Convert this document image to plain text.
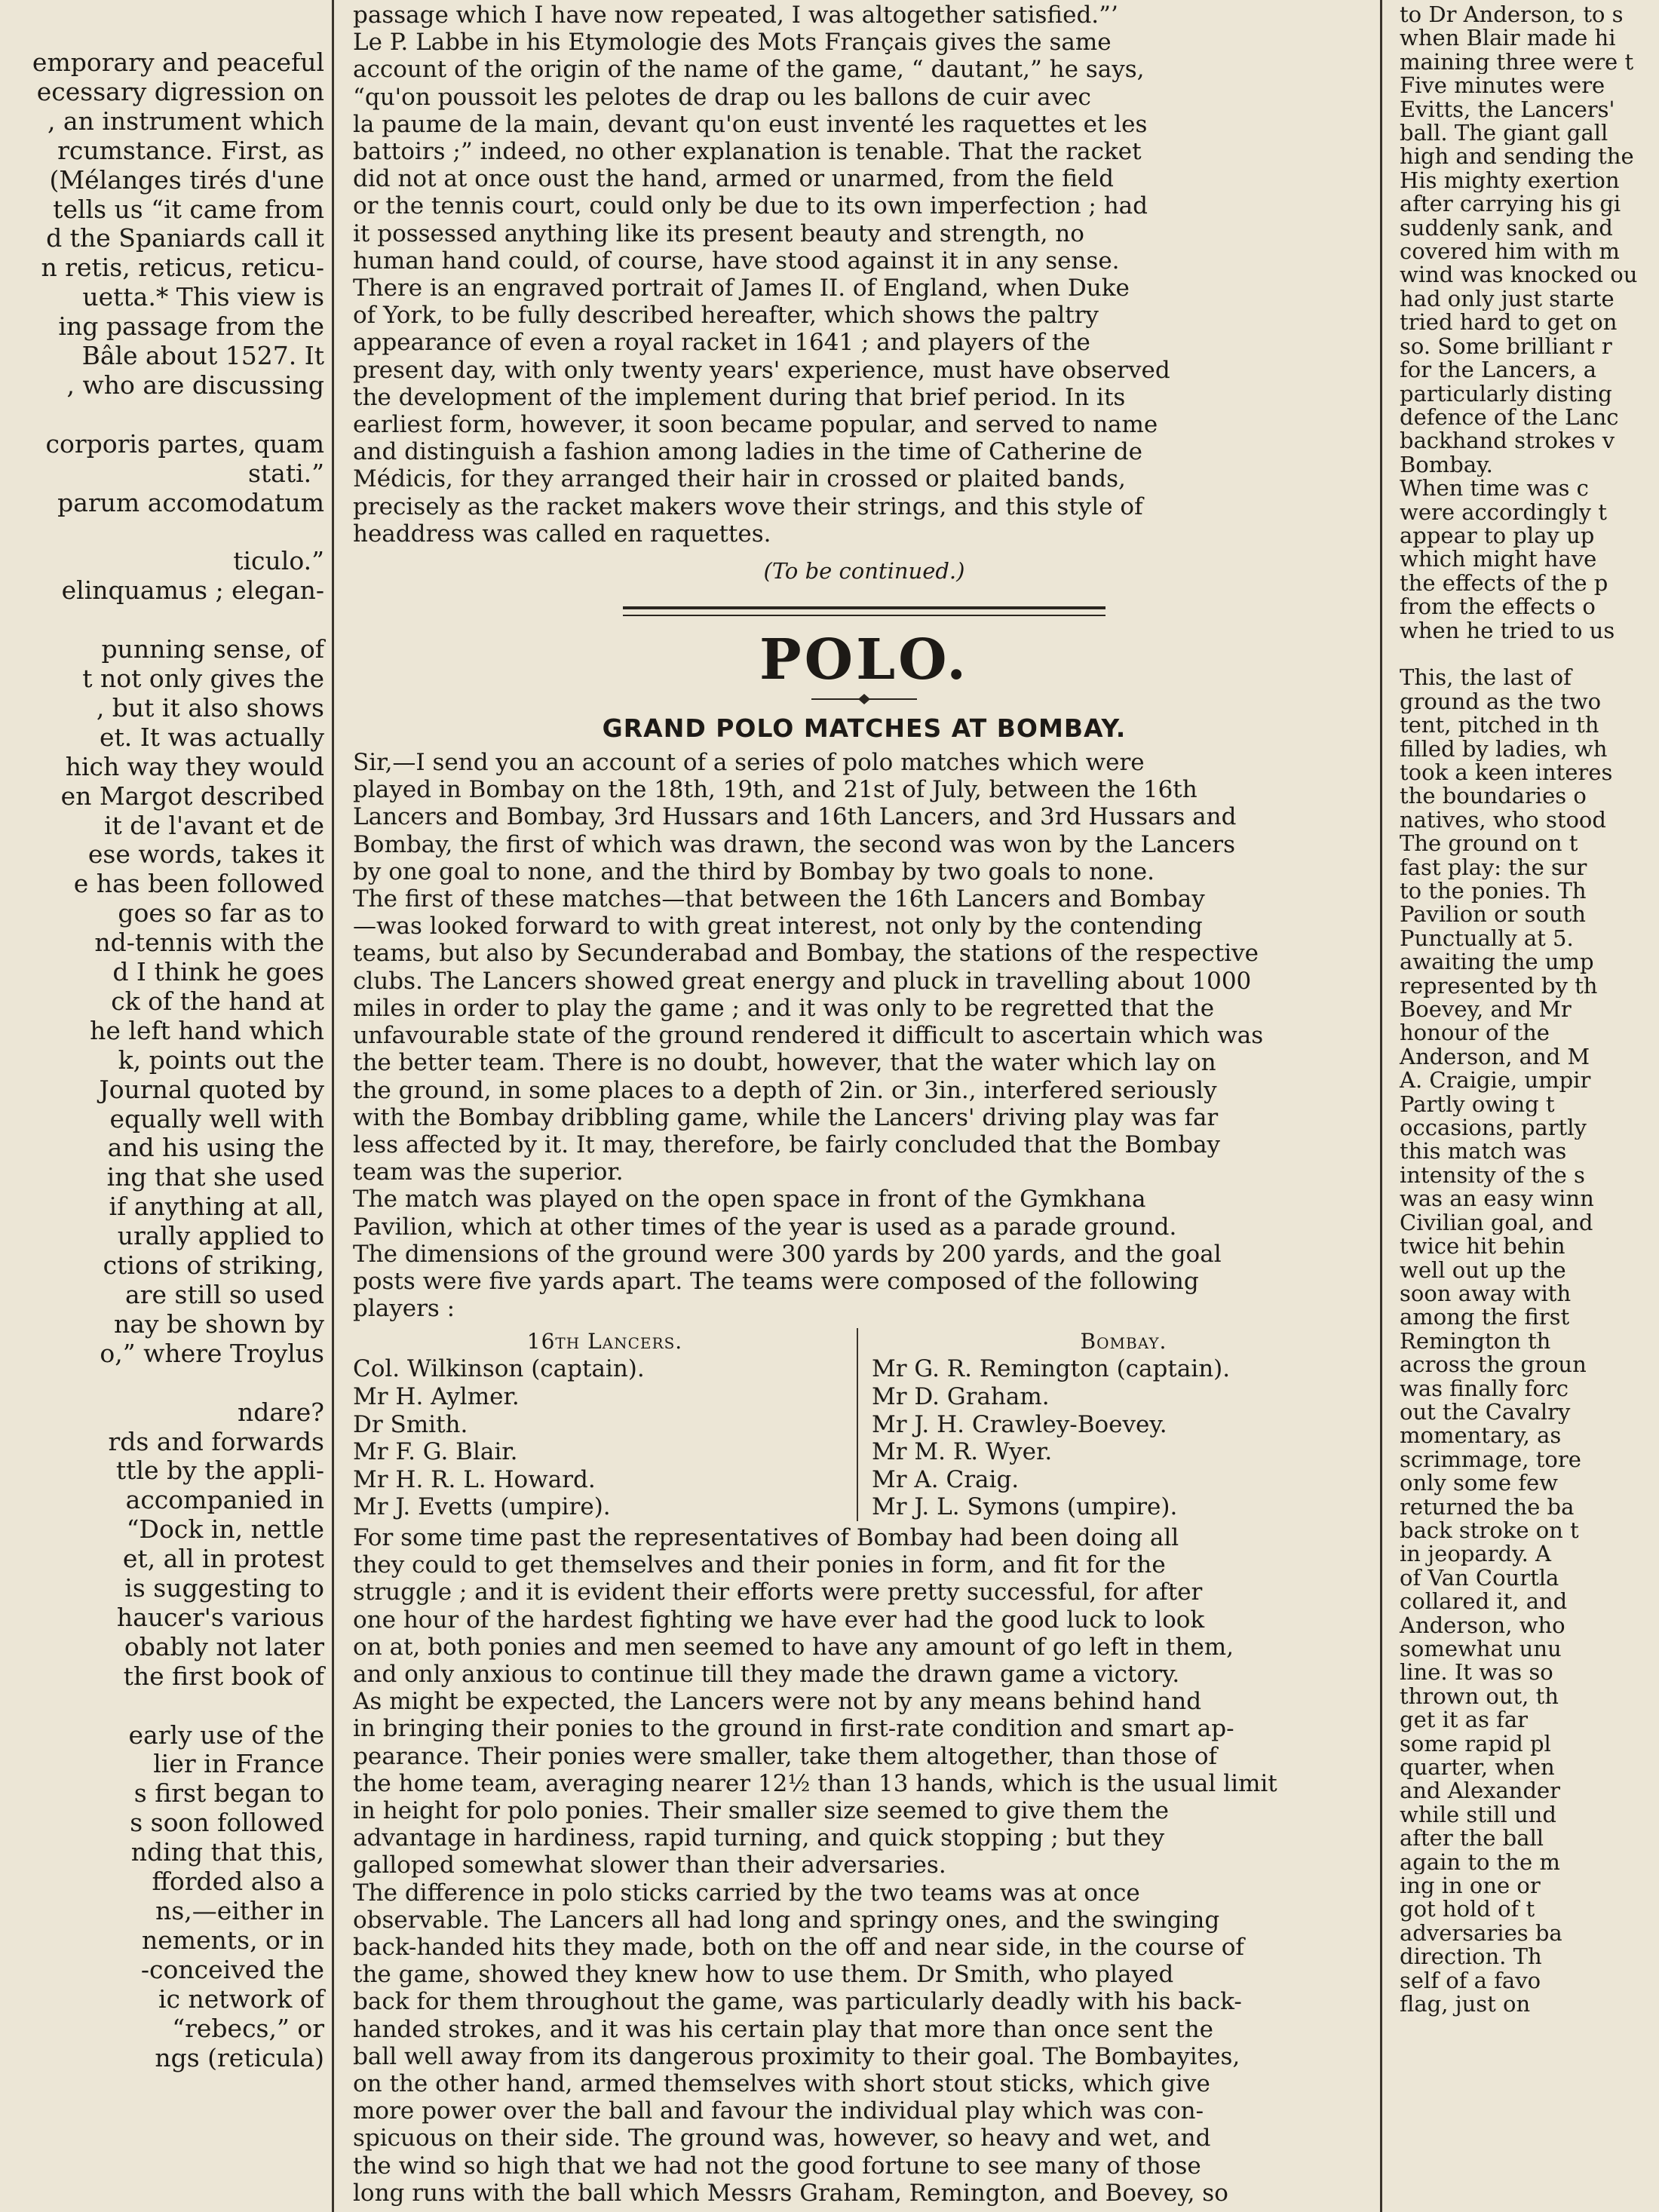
emporary and peaceful

ecessary digression on

, an instrument which

rcumstance. First, as

(Mélanges tirés d'une

tells us “it came from

d the Spaniards call it

n retis, reticus, reticu-

uetta.* This view is

ing passage from the

Bâle about 1527. It

, who are discussing

corporis partes, quam

stati.”

parum accomodatum

ticulo.”

elinquamus ; elegan-

punning sense, of

t not only gives the

, but it also shows

et. It was actually

hich way they would

en Margot described

it de l'avant et de

ese words, takes it

e has been followed

goes so far as to

nd-tennis with the

d I think he goes

ck of the hand at

he left hand which

k, points out the

Journal quoted by

equally well with

and his using the

ing that she used

if anything at all,

urally applied to

ctions of striking,

are still so used

nay be shown by

o,” where Troylus

ndare?

rds and forwards

ttle by the appli-

accompanied in

“Dock in, nettle

et, all in protest

is suggesting to

haucer's various

obably not later

the first book of

early use of the

lier in France

s first began to

s soon followed

nding that this,

fforded also a

ns,—either in

nements, or in

-conceived the

ic network of

“rebecs,” or

ngs (reticula)

passage which I have now repeated, I was altogether satisfied.”’

Le P. Labbe in his Etymologie des Mots Français gives the same

account of the origin of the name of the game, “ dautant,” he says,

“qu'on poussoit les pelotes de drap ou les ballons de cuir avec

la paume de la main, devant qu'on eust inventé les raquettes et les

battoirs ;” indeed, no other explanation is tenable. That the racket

did not at once oust the hand, armed or unarmed, from the field

or the tennis court, could only be due to its own imperfection ; had

it possessed anything like its present beauty and strength, no

human hand could, of course, have stood against it in any sense.

There is an engraved portrait of James II. of England, when Duke

of York, to be fully described hereafter, which shows the paltry

appearance of even a royal racket in 1641 ; and players of the

present day, with only twenty years' experience, must have observed

the development of the implement during that brief period. In its

earliest form, however, it soon became popular, and served to name

and distinguish a fashion among ladies in the time of Catherine de

Médicis, for they arranged their hair in crossed or plaited bands,

precisely as the racket makers wove their strings, and this style of

headdress was called en raquettes.

(To be continued.)
POLO.
GRAND POLO MATCHES AT BOMBAY.

Sir,—I send you an account of a series of polo matches which were

played in Bombay on the 18th, 19th, and 21st of July, between the 16th

Lancers and Bombay, 3rd Hussars and 16th Lancers, and 3rd Hussars and

Bombay, the first of which was drawn, the second was won by the Lancers

by one goal to none, and the third by Bombay by two goals to none.

The first of these matches—that between the 16th Lancers and Bombay

—was looked forward to with great interest, not only by the contending

teams, but also by Secunderabad and Bombay, the stations of the respective

clubs. The Lancers showed great energy and pluck in travelling about 1000

miles in order to play the game ; and it was only to be regretted that the

unfavourable state of the ground rendered it difficult to ascertain which was

the better team. There is no doubt, however, that the water which lay on

the ground, in some places to a depth of 2in. or 3in., interfered seriously

with the Bombay dribbling game, while the Lancers' driving play was far

less affected by it. It may, therefore, be fairly concluded that the Bombay

team was the superior.

The match was played on the open space in front of the Gymkhana

Pavilion, which at other times of the year is used as a parade ground.

The dimensions of the ground were 300 yards by 200 yards, and the goal

posts were five yards apart. The teams were composed of the following

players :

16th Lancers.
Col. Wilkinson (captain).
Mr H. Aylmer.
Dr Smith.
Mr F. G. Blair.
Mr H. R. L. Howard.
Mr J. Evetts (umpire).
Bombay.
Mr G. R. Remington (captain).
Mr D. Graham.
Mr J. H. Crawley-Boevey.
Mr M. R. Wyer.
Mr A. Craig.
Mr J. L. Symons (umpire).

For some time past the representatives of Bombay had been doing all

they could to get themselves and their ponies in form, and fit for the

struggle ; and it is evident their efforts were pretty successful, for after

one hour of the hardest fighting we have ever had the good luck to look

on at, both ponies and men seemed to have any amount of go left in them,

and only anxious to continue till they made the drawn game a victory.

As might be expected, the Lancers were not by any means behind hand

in bringing their ponies to the ground in first-rate condition and smart ap-

pearance. Their ponies were smaller, take them altogether, than those of

the home team, averaging nearer 12½ than 13 hands, which is the usual limit

in height for polo ponies. Their smaller size seemed to give them the

advantage in hardiness, rapid turning, and quick stopping ; but they

galloped somewhat slower than their adversaries.

The difference in polo sticks carried by the two teams was at once

observable. The Lancers all had long and springy ones, and the swinging

back-handed hits they made, both on the off and near side, in the course of

the game, showed they knew how to use them. Dr Smith, who played

back for them throughout the game, was particularly deadly with his back-

handed strokes, and it was his certain play that more than once sent the

ball well away from its dangerous proximity to their goal. The Bombayites,

on the other hand, armed themselves with short stout sticks, which give

more power over the ball and favour the individual play which was con-

spicuous on their side. The ground was, however, so heavy and wet, and

the wind so high that we had not the good fortune to see many of those

long runs with the ball which Messrs Graham, Remington, and Boevey, so

to Dr Anderson, to s

when Blair made hi

maining three were t

Five minutes were

Evitts, the Lancers'

ball. The giant gall

high and sending the

His mighty exertion

after carrying his gi

suddenly sank, and

covered him with m

wind was knocked ou

had only just starte

tried hard to get on

so. Some brilliant r

for the Lancers, a

particularly disting

defence of the Lanc

backhand strokes v

Bombay.

When time was c

were accordingly t

appear to play up

which might have

the effects of the p

from the effects o

when he tried to us

This, the last of

ground as the two

tent, pitched in th

filled by ladies, wh

took a keen interes

the boundaries o

natives, who stood

The ground on t

fast play: the sur

to the ponies. Th

Pavilion or south

Punctually at 5.

awaiting the ump

represented by th

Boevey, and Mr

honour of the

Anderson, and M

A. Craigie, umpir

Partly owing t

occasions, partly

this match was

intensity of the s

was an easy winn

Civilian goal, and

twice hit behin

well out up the

soon away with

among the first

Remington th

across the groun

was finally forc

out the Cavalry

momentary, as

scrimmage, tore

only some few

returned the ba

back stroke on t

in jeopardy. A

of Van Courtla

collared it, and

Anderson, who

somewhat unu

line. It was so

thrown out, th

get it as far

some rapid pl

quarter, when

and Alexander

while still und

after the ball

again to the m

ing in one or

got hold of t

adversaries ba

direction. Th

self of a favo

flag, just on
